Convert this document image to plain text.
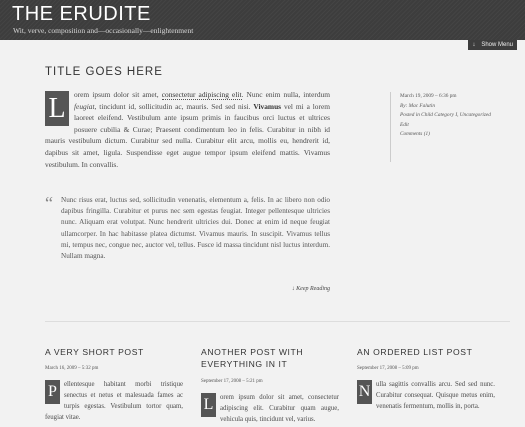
THE ERUDITE
Wit, verve, composition and—occasionally—enlightenment
↓ Show Menu
TITLE GOES HERE
L	orem ipsum dolor sit amet, consectetur adipiscing elit. Nunc enim nulla, interdum feugiat, tincidunt id, sollicitudin ac, mauris. Sed sed nisi. Vivamus vel mi a lorem laoreet eleifend. Vestibulum ante ipsum primis in faucibus orci luctus et ultrices posuere cubilia & Curae; Praesent condimentum leo in felis. Curabitur in nibh id mauris vestibulum dictum. Curabitur sed nulla. Curabitur elit arcu, mollis eu, hendrerit id, dapibus sit amet, ligula. Suspendisse eget augue tempor ipsum eleifend mattis. Vivamus vestibulum. In convallis.
“ Nunc risus erat, luctus sed, sollicitudin venenatis, elementum a, felis. In ac libero non odio dapibus fringilla. Curabitur et purus nec sem egestas feugiat. Integer pellentesque ultricies nunc. Aliquam erat volutpat. Nunc hendrerit ultricies dui. Donec at enim id neque feugiat ullamcorper. In hac habitasse platea dictumst. Vivamus mauris. In suscipit. Vivamus tellus mi, tempus nec, congue nec, auctor vel, tellus. Fusce id massa tincidunt nisl luctus interdum. Nullam magna.
↓ Keep Reading
March 19, 2009 – 6:36 pm
By: Mac Falutin
Posted in Child Category I, Uncategorized
Edit
Comments (1)
A VERY SHORT POST
March 16, 2009 – 5:32 pm
P	ellentesque habitant morbi tristique senectus et netus et malesuada fames ac turpis egestas. Vestibulum tortor quam, feugiat vitae.
ANOTHER POST WITH EVERYTHING IN IT
September 17, 2008 – 5:21 pm
L orem ipsum dolor sit amet, consectetur adipiscing elit. Curabitur quam augue, vehicula quis, tincidunt vel, varius.
AN ORDERED LIST POST
September 17, 2008 – 5:09 pm
N ulla sagittis convallis arcu. Sed sed nunc. Curabitur consequat. Quisque metus enim, venenatis fermentum, mollis in, porta.
